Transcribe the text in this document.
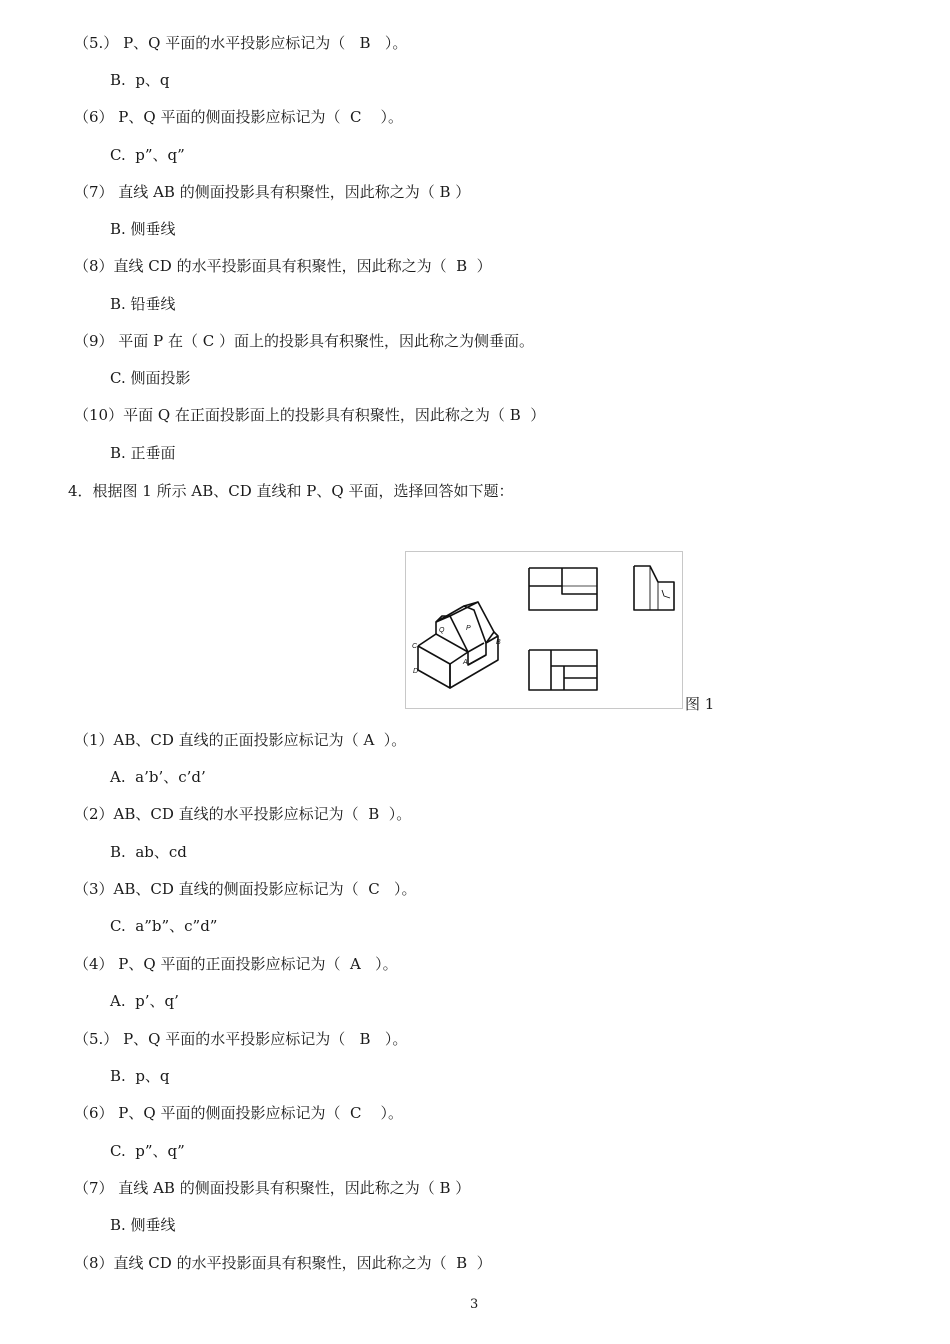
（5.） P、Q 平面的水平投影应标记为（   B   ）。
B.  p、q
（6） P、Q 平面的侧面投影应标记为（  C    ）。
C.  p”、q”
（7） 直线 AB 的侧面投影具有积聚性，因此称之为（ B ）
B. 侧垂线
（8）直线 CD 的水平投影面具有积聚性，因此称之为（  B  ）
B. 铅垂线
（9） 平面 P 在（ C ）面上的投影具有积聚性，因此称之为侧垂面。
C. 侧面投影
（10）平面 Q 在正面投影面上的投影具有积聚性，因此称之为（ B  ）
B. 正垂面
4．根据图 1 所示 AB、CD 直线和 P、Q 平面，选择回答如下题：
Q	P
C
D
A
B
图 1
（1）AB、CD 直线的正面投影应标记为（ A  ）。
A.  a’b’、c’d’
（2）AB、CD 直线的水平投影应标记为（  B  ）。
B.  ab、cd
（3）AB、CD 直线的侧面投影应标记为（  C   ）。
C.  a”b”、c”d”
（4） P、Q 平面的正面投影应标记为（  A   ）。
A.  p’、q’
（5.） P、Q 平面的水平投影应标记为（   B   ）。
B.  p、q
（6） P、Q 平面的侧面投影应标记为（  C    ）。
C.  p”、q”
（7） 直线 AB 的侧面投影具有积聚性，因此称之为（ B ）
B. 侧垂线
（8）直线 CD 的水平投影面具有积聚性，因此称之为（  B  ）
3
